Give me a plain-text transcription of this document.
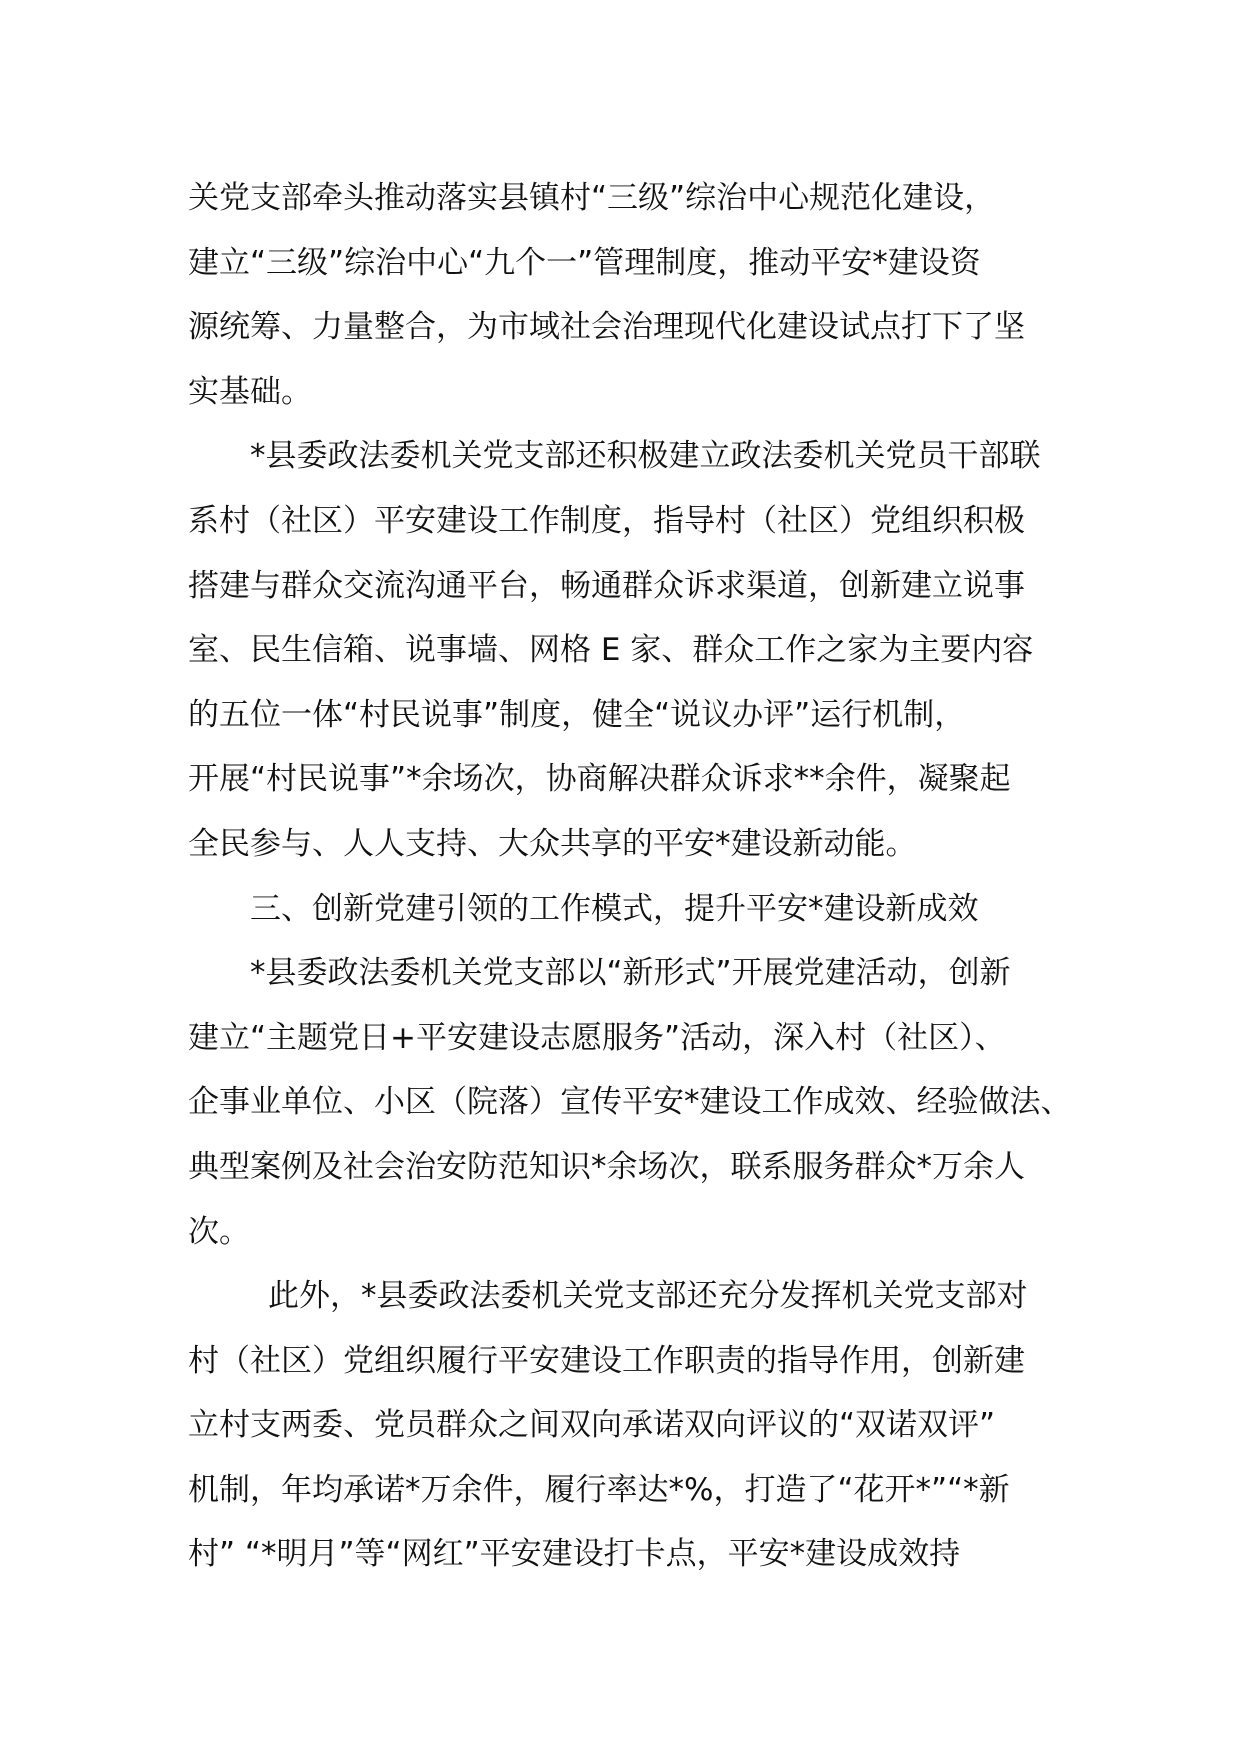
关党支部牵头推动落实县镇村“三级”综治中心规范化建设，
建立“三级”综治中心“九个一”管理制度，推动平安*建设资
源统筹、力量整合，为市域社会治理现代化建设试点打下了坚
实基础。
*县委政法委机关党支部还积极建立政法委机关党员干部联
系村（社区）平安建设工作制度，指导村（社区）党组织积极
搭建与群众交流沟通平台，畅通群众诉求渠道，创新建立说事
室、民生信箱、说事墙、网格 E 家、群众工作之家为主要内容
的五位一体“村民说事”制度，健全“说议办评”运行机制，
开展“村民说事”*余场次，协商解决群众诉求**余件，凝聚起
全民参与、人人支持、大众共享的平安*建设新动能。
三、创新党建引领的工作模式，提升平安*建设新成效
*县委政法委机关党支部以“新形式”开展党建活动，创新
建立“主题党日+平安建设志愿服务”活动，深入村（社区）、
企事业单位、小区（院落）宣传平安*建设工作成效、经验做法、
典型案例及社会治安防范知识*余场次，联系服务群众*万余人
次。
此外，*县委政法委机关党支部还充分发挥机关党支部对
村（社区）党组织履行平安建设工作职责的指导作用，创新建
立村支两委、党员群众之间双向承诺双向评议的“双诺双评”
机制，年均承诺*万余件，履行率达*%，打造了“花开*”“*新
村” “*明月”等“网红”平安建设打卡点，平安*建设成效持
